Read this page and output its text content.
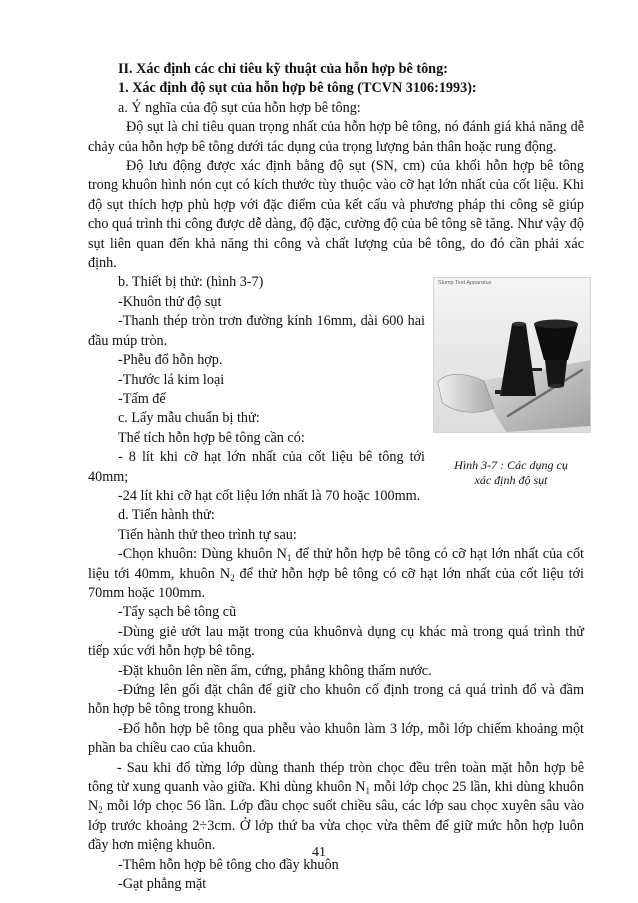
II. Xác định các chỉ tiêu kỹ thuật của hỗn hợp bê tông:

1. Xác định độ sụt của hỗn hợp bê tông (TCVN 3106:1993):

a. Ý nghĩa của độ sụt của hỗn hợp bê tông:

Độ sụt là chỉ tiêu quan trọng nhất của hỗn hợp bê tông, nó đánh giá khả năng dễ chảy của hỗn hợp bê tông dưới tác dụng của trọng lượng bản thân hoặc rung động.

Độ lưu động được xác định bằng độ sụt (SN, cm) của khối hỗn hợp bê tông trong khuôn hình nón cụt có kích thước tùy thuộc vào cỡ hạt lớn nhất của cốt liệu. Khi độ sụt thích hợp phù hợp với đặc điểm của kết cấu và phương pháp thi công sẽ giúp cho quá trình thi công được dễ dàng, độ đặc, cường độ của bê tông sẽ tăng. Như vậy độ sụt liên quan đến khả năng thi công và chất lượng của bê tông, do đó cần phải xác định.

b. Thiết bị thử: (hình 3-7)

-Khuôn thử độ sụt

-Thanh thép tròn trơn đường kính 16mm, dài 600 hai đầu múp tròn.

-Phễu đổ hỗn hợp.

-Thước lá kim loại

-Tấm đế

c. Lấy mẫu chuẩn bị thử:

Thể tích hỗn hợp bê tông cần có:

- 8 lít khi cỡ hạt lớn nhất của cốt liệu bê tông tới 40mm;

-24 lít khi cỡ hạt cốt liệu lớn nhất là 70 hoặc 100mm.

d. Tiến hành thử:

Tiến hành thử theo trình tự sau:

-Chọn khuôn: Dùng khuôn $N_1$ để thử hỗn hợp bê tông có cỡ hạt lớn nhất của cốt liệu tới 40mm, khuôn $N_2$ để thử hỗn hợp bê tông có cỡ hạt lớn nhất của cốt liệu tới 70mm hoặc 100mm.

-Tẩy sạch bê tông cũ

-Dùng giẻ ướt lau mặt trong của khuônvà dụng cụ khác mà trong quá trình thử tiếp xúc với hỗn hợp bê tông.

-Đặt khuôn lên nền ẩm, cứng, phẳng không thấm nước.

-Đứng lên gối đặt chân để giữ cho khuôn cố định trong cả quá trình đổ và đầm hỗn hợp bê tông trong khuôn.

-Đổ hỗn hợp bê tông qua phễu vào khuôn làm 3 lớp, mỗi lớp chiếm khoảng một phần ba chiều cao của khuôn.

- Sau khi đổ từng lớp dùng thanh thép tròn chọc đều trên toàn mặt hỗn hợp bê tông từ xung quanh vào giữa. Khi dùng khuôn $N_1$ mỗi lớp chọc 25 lần, khi dùng khuôn $N_2$ mỗi lớp chọc 56 lần. Lớp đầu chọc suốt chiều sâu, các lớp sau chọc xuyên sâu vào lớp trước khoảng 2÷3cm. Ở lớp thứ ba vừa chọc vừa thêm để giữ mức hỗn hợp luôn đầy hơn miệng khuôn.

-Thêm hỗn hợp bê tông cho đầy khuôn

-Gạt phẳng mặt

Slump Test Apparatus
Hình 3-7 : Các dụng cụ
xác định độ sụt
41
